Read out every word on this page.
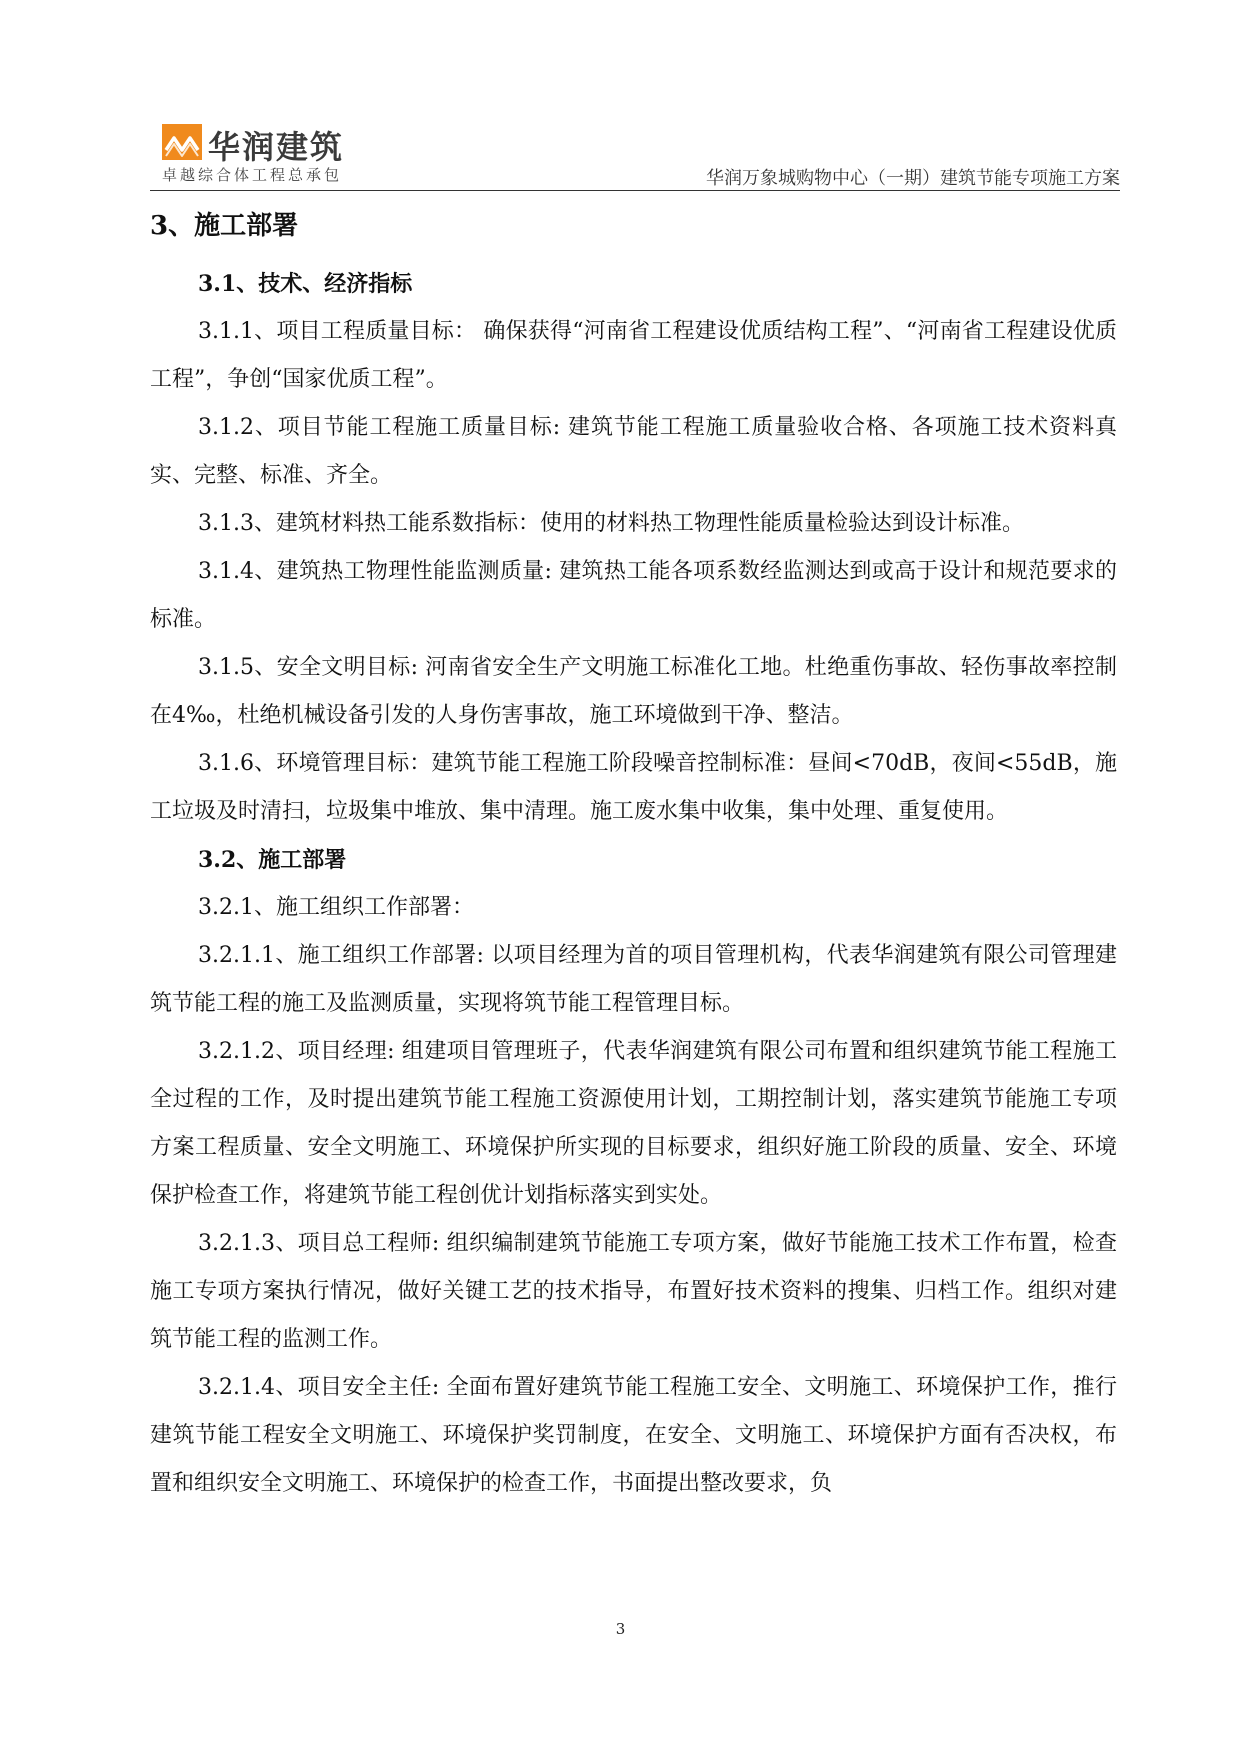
华润建筑
卓越综合体工程总承包	华润万象城购物中心（一期）建筑节能专项施工方案
3、施工部署
3.1、技术、经济指标

3.1.1、项目工程质量目标： 确保获得“河南省工程建设优质结构工程”、“河南省工程建设优质工程”，争创“国家优质工程”。

3.1.2、项目节能工程施工质量目标: 建筑节能工程施工质量验收合格、各项施工技术资料真实、完整、标准、齐全。

3.1.3、建筑材料热工能系数指标：使用的材料热工物理性能质量检验达到设计标准。

3.1.4、建筑热工物理性能监测质量: 建筑热工能各项系数经监测达到或高于设计和规范要求的标准。

3.1.5、安全文明目标: 河南省安全生产文明施工标准化工地。杜绝重伤事故、轻伤事故率控制在4‰，杜绝机械设备引发的人身伤害事故，施工环境做到干净、整洁。

3.1.6、环境管理目标：建筑节能工程施工阶段噪音控制标准：昼间<70dB，夜间<55dB，施工垃圾及时清扫，垃圾集中堆放、集中清理。施工废水集中收集，集中处理、重复使用。

3.2、施工部署

3.2.1、施工组织工作部署：

3.2.1.1、施工组织工作部署: 以项目经理为首的项目管理机构，代表华润建筑有限公司管理建筑节能工程的施工及监测质量，实现将筑节能工程管理目标。

3.2.1.2、项目经理: 组建项目管理班子，代表华润建筑有限公司布置和组织建筑节能工程施工全过程的工作，及时提出建筑节能工程施工资源使用计划，工期控制计划，落实建筑节能施工专项方案工程质量、安全文明施工、环境保护所实现的目标要求，组织好施工阶段的质量、安全、环境保护检查工作，将建筑节能工程创优计划指标落实到实处。

3.2.1.3、项目总工程师: 组织编制建筑节能施工专项方案，做好节能施工技术工作布置，检查施工专项方案执行情况，做好关键工艺的技术指导，布置好技术资料的搜集、归档工作。组织对建筑节能工程的监测工作。

3.2.1.4、项目安全主任: 全面布置好建筑节能工程施工安全、文明施工、环境保护工作，推行建筑节能工程安全文明施工、环境保护奖罚制度，在安全、文明施工、环境保护方面有否决权，布置和组织安全文明施工、环境保护的检查工作，书面提出整改要求，负

3
